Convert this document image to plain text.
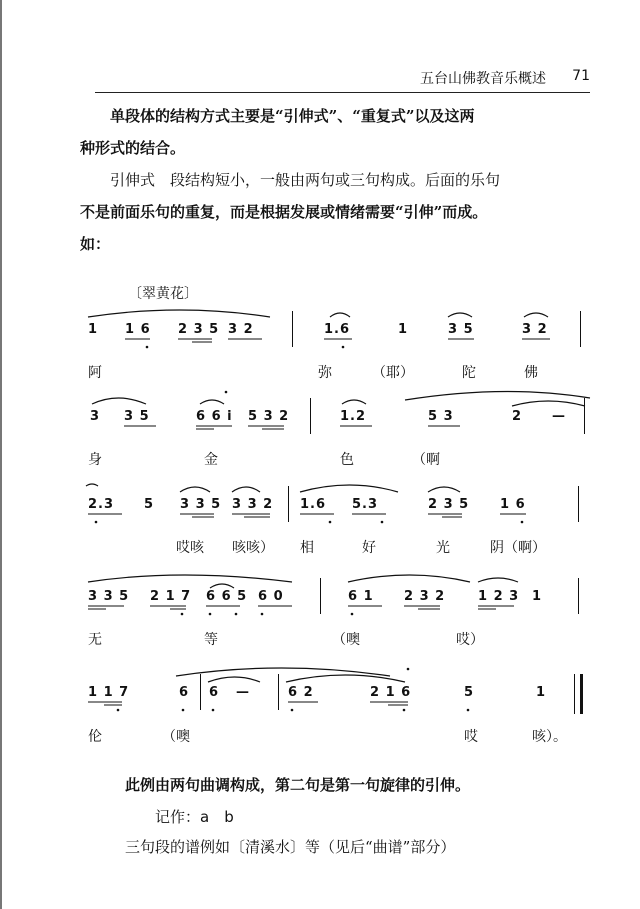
五台山佛教音乐概述 71

单段体的结构方式主要是“引伸式”、“重复式”以及这两

种形式的结合。

引伸式　 段结构短小，一般由两句或三句构成。后面的乐句

不是前面乐句的重复，而是根据发展或情绪需要“引伸”而成。

如：

〔翠黄花〕
1 1 6 2 3 5 3 2	1.6	1	3 5	3 2
阿	弥	（耶）	陀	佛
3 3 5	6 6 i 5 3 2	1.2	5 3	2 —
身	金	色	（啊
2.3 5 3 3 5 3 3 2 1.6 5.3	2 3 5 1 6
哎咳 咳咳） 相	好	光	阴（啊）
3 3 5 2 1 7 6 6 5 6 0	6 1 2 3 2	1 2 3 1
无	等	（噢	哎）
1 1 7	6 6 —	6 2	2 1 6	5	1
伦	（噢	哎	咳）。
此例由两句曲调构成，第二句是第一句旋律的引伸。
记作：a　b
三句段的谱例如〔清溪水〕等（见后“曲谱”部分）
